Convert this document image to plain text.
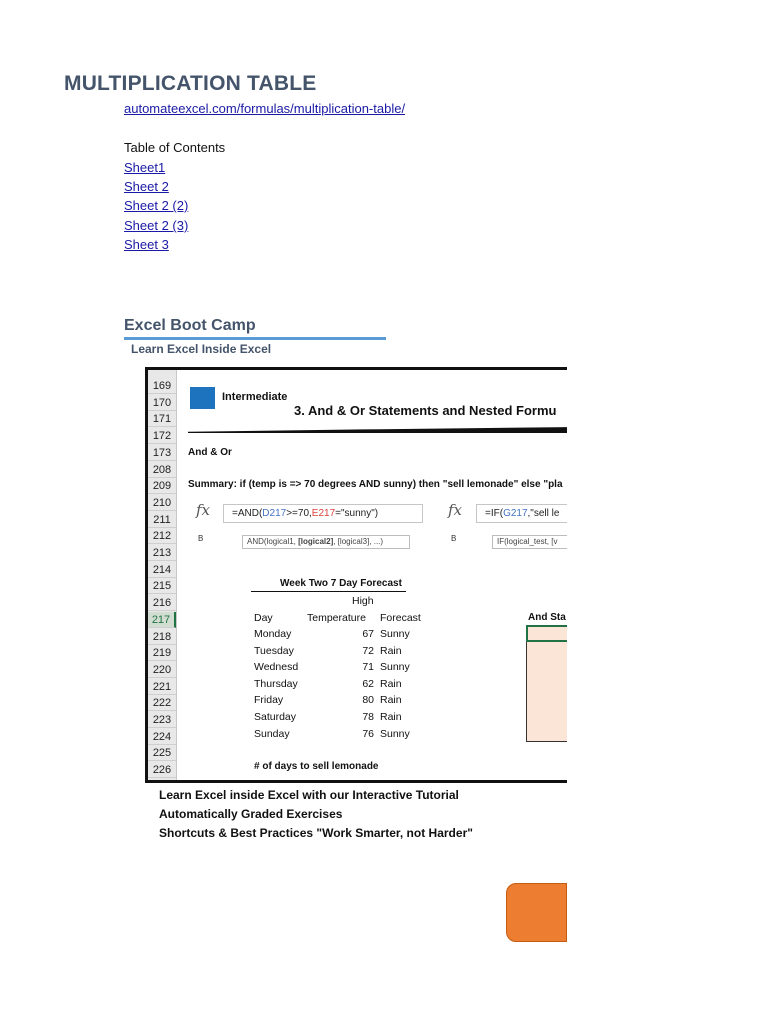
MULTIPLICATION TABLE
automateexcel.com/formulas/multiplication-table/
Table of Contents
Sheet1
Sheet 2
Sheet 2 (2)
Sheet 2 (3)
Sheet 3
Excel Boot Camp
Learn Excel Inside Excel
169
170
171
172
173
208
209
210
211
212
213
214
215
216
217
218
219
220
221
222
223
224
225
226
Intermediate
3. And & Or Statements and Nested Formu
And & Or
Summary: if (temp is => 70 degrees AND sunny) then "sell lemonade" else "pla
fx	=AND(D217>=70,E217="sunny")
B	AND(logical1, [logical2], [logical3], ...)
fx	=IF(G217,"sell le
B	IF(logical_test, [v
Week Two 7 Day Forecast
High
Day	Temperature Forecast
Monday	67 Sunny
Tuesday	72 Rain
Wednesd	71 Sunny
Thursday	62 Rain
Friday	80 Rain
Saturday	78 Rain
Sunday	76 Sunny
# of days to sell lemonade
And Sta
Learn Excel inside Excel with our Interactive Tutorial
Automatically Graded Exercises
Shortcuts & Best Practices "Work Smarter, not Harder"
